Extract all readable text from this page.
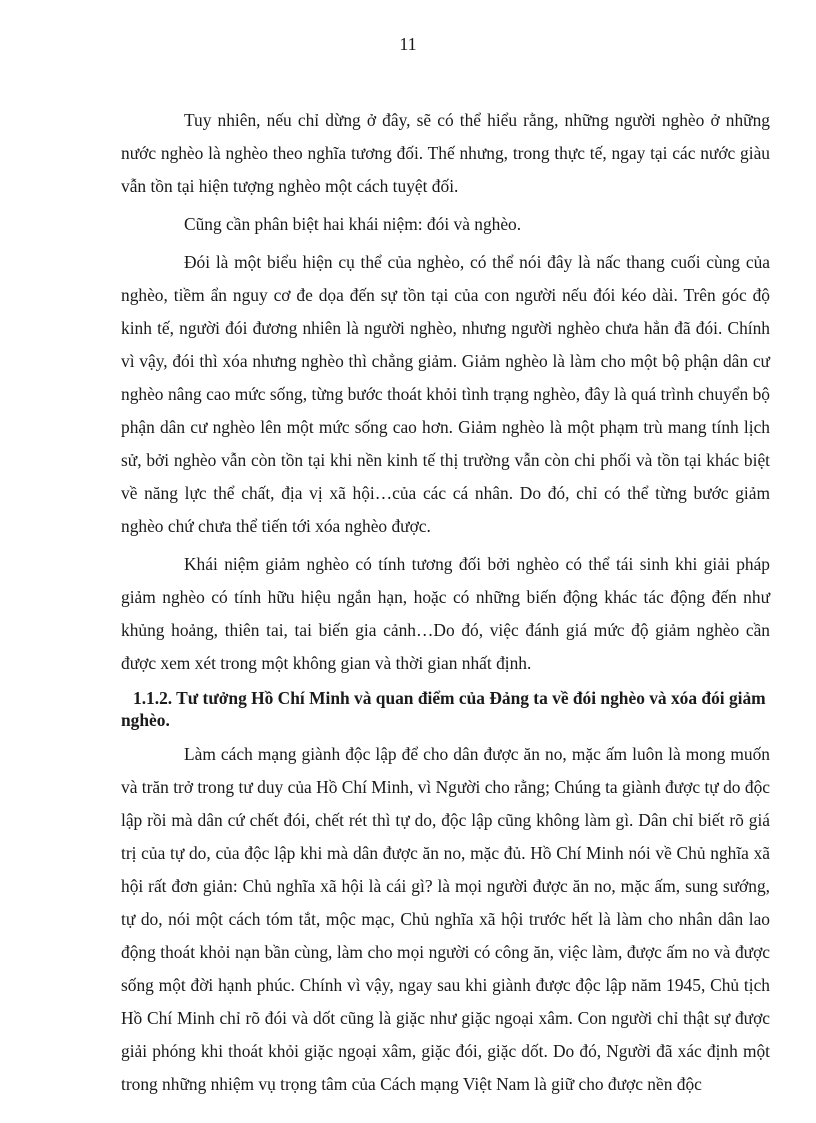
11

Tuy nhiên, nếu chỉ dừng ở đây, sẽ có thể hiểu rằng, những người nghèo ở những nước nghèo là nghèo theo nghĩa tương đối. Thế nhưng, trong thực tế, ngay tại các nước giàu vẫn tồn tại hiện tượng nghèo một cách tuyệt đối.

Cũng cần phân biệt hai khái niệm: đói và nghèo.

Đói là một biểu hiện cụ thể của nghèo, có thể nói đây là nấc thang cuối cùng của nghèo, tiềm ẩn nguy cơ đe dọa đến sự tồn tại của con người nếu đói kéo dài. Trên góc độ kinh tế, người đói đương nhiên là người nghèo, nhưng người nghèo chưa hẳn đã đói. Chính vì vậy, đói thì xóa nhưng nghèo thì chẳng giảm. Giảm nghèo là làm cho một bộ phận dân cư nghèo nâng cao mức sống, từng bước thoát khỏi tình trạng nghèo, đây là quá trình chuyển bộ phận dân cư nghèo lên một mức sống cao hơn. Giảm nghèo là một phạm trù mang tính lịch sử, bởi nghèo vẫn còn tồn tại khi nền kinh tế thị trường vẫn còn chi phối và tồn tại khác biệt về năng lực thể chất, địa vị xã hội…của các cá nhân. Do đó, chỉ có thể từng bước giảm nghèo chứ chưa thể tiến tới xóa nghèo được.

Khái niệm giảm nghèo có tính tương đối bởi nghèo có thể tái sinh khi giải pháp giảm nghèo có tính hữu hiệu ngắn hạn, hoặc có những biến động khác tác động đến như khủng hoảng, thiên tai, tai biến gia cảnh…Do đó, việc đánh giá mức độ giảm nghèo cần được xem xét trong một không gian và thời gian nhất định.

1.1.2. Tư tưởng Hồ Chí Minh và quan điểm của Đảng ta về đói nghèo và xóa đói giảm nghèo.

Làm cách mạng giành độc lập để cho dân được ăn no, mặc ấm luôn là mong muốn và trăn trở trong tư duy của Hồ Chí Minh, vì Người cho rằng; Chúng ta giành được tự do độc lập rồi mà dân cứ chết đói, chết rét thì tự do, độc lập cũng không làm gì. Dân chỉ biết rõ giá trị của tự do, của độc lập khi mà dân được ăn no, mặc đủ. Hồ Chí Minh nói về Chủ nghĩa xã hội rất đơn giản: Chủ nghĩa xã hội là cái gì? là mọi người được ăn no, mặc ấm, sung sướng, tự do, nói một cách tóm tắt, mộc mạc, Chủ nghĩa xã hội trước hết là làm cho nhân dân lao động thoát khỏi nạn bần cùng, làm cho mọi người có công ăn, việc làm, được ấm no và được sống một đời hạnh phúc. Chính vì vậy, ngay sau khi giành được độc lập năm 1945, Chủ tịch Hồ Chí Minh chỉ rõ đói và dốt cũng là giặc như giặc ngoại xâm. Con người chỉ thật sự được giải phóng khi thoát khỏi giặc ngoại xâm, giặc đói, giặc dốt. Do đó, Người đã xác định một trong những nhiệm vụ trọng tâm của Cách mạng Việt Nam là giữ cho được nền độc
